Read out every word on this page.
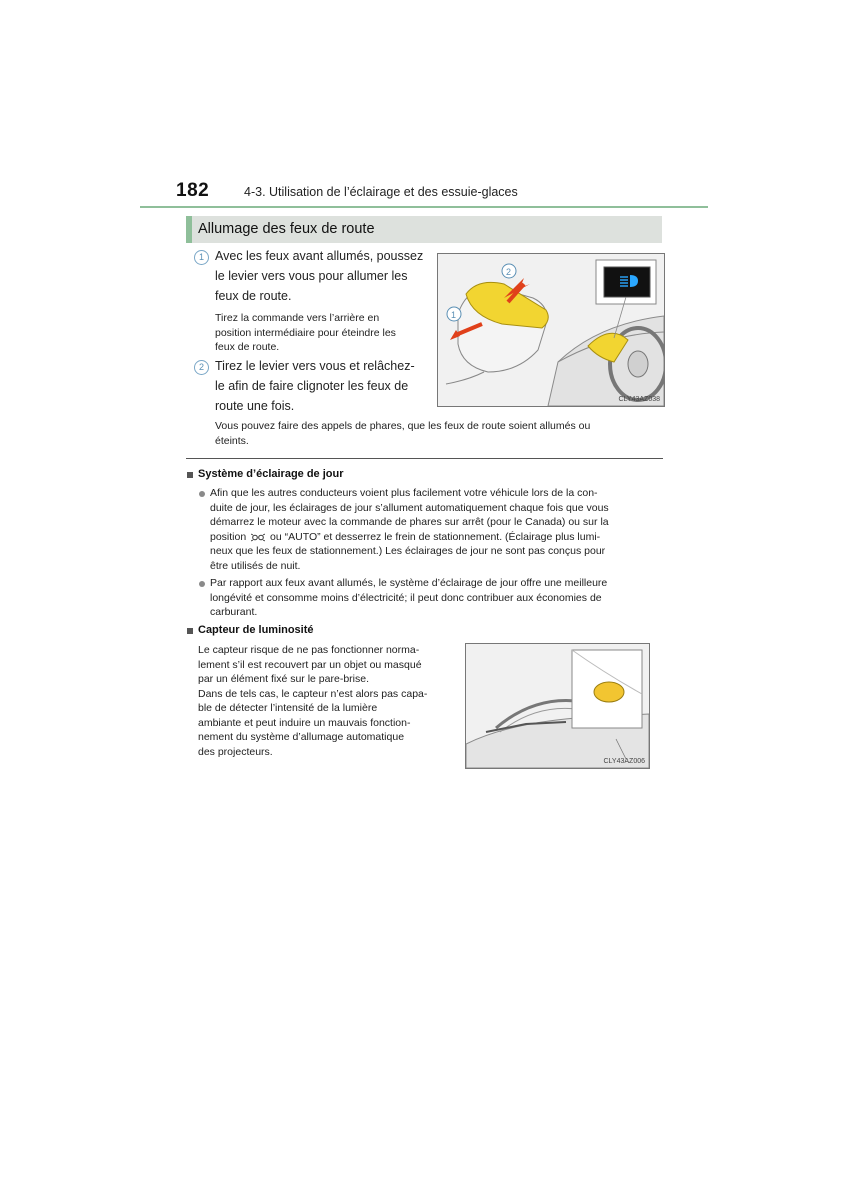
182	4-3. Utilisation de l’éclairage et des essuie-glaces
Allumage des feux de route
1 Avec les feux avant allumés, poussez
le levier vers vous pour allumer les
feux de route.
Tirez la commande vers l’arrière en
position intermédiaire pour éteindre les
feux de route.
2 Tirez le levier vers vous et relâchez-
le afin de faire clignoter les feux de
route une fois.
2
1
CLY43AZ038
Vous pouvez faire des appels de phares, que les feux de route soient allumés ou
éteints.
Système d’éclairage de jour
Afin que les autres conducteurs voient plus facilement votre véhicule lors de la con-
duite de jour, les éclairages de jour s’allument automatiquement chaque fois que vous
démarrez le moteur avec la commande de phares sur arrêt (pour le Canada) ou sur la
position ou “AUTO” et desserrez le frein de stationnement. (Éclairage plus lumi-
neux que les feux de stationnement.) Les éclairages de jour ne sont pas conçus pour
être utilisés de nuit.
Par rapport aux feux avant allumés, le système d’éclairage de jour offre une meilleure
longévité et consomme moins d’électricité; il peut donc contribuer aux économies de
carburant.
Capteur de luminosité
Le capteur risque de ne pas fonctionner norma-
lement s’il est recouvert par un objet ou masqué
par un élément fixé sur le pare-brise.
Dans de tels cas, le capteur n’est alors pas capa-
ble de détecter l’intensité de la lumière
ambiante et peut induire un mauvais fonction-
nement du système d’allumage automatique
des projecteurs.
CLY43AZ006
